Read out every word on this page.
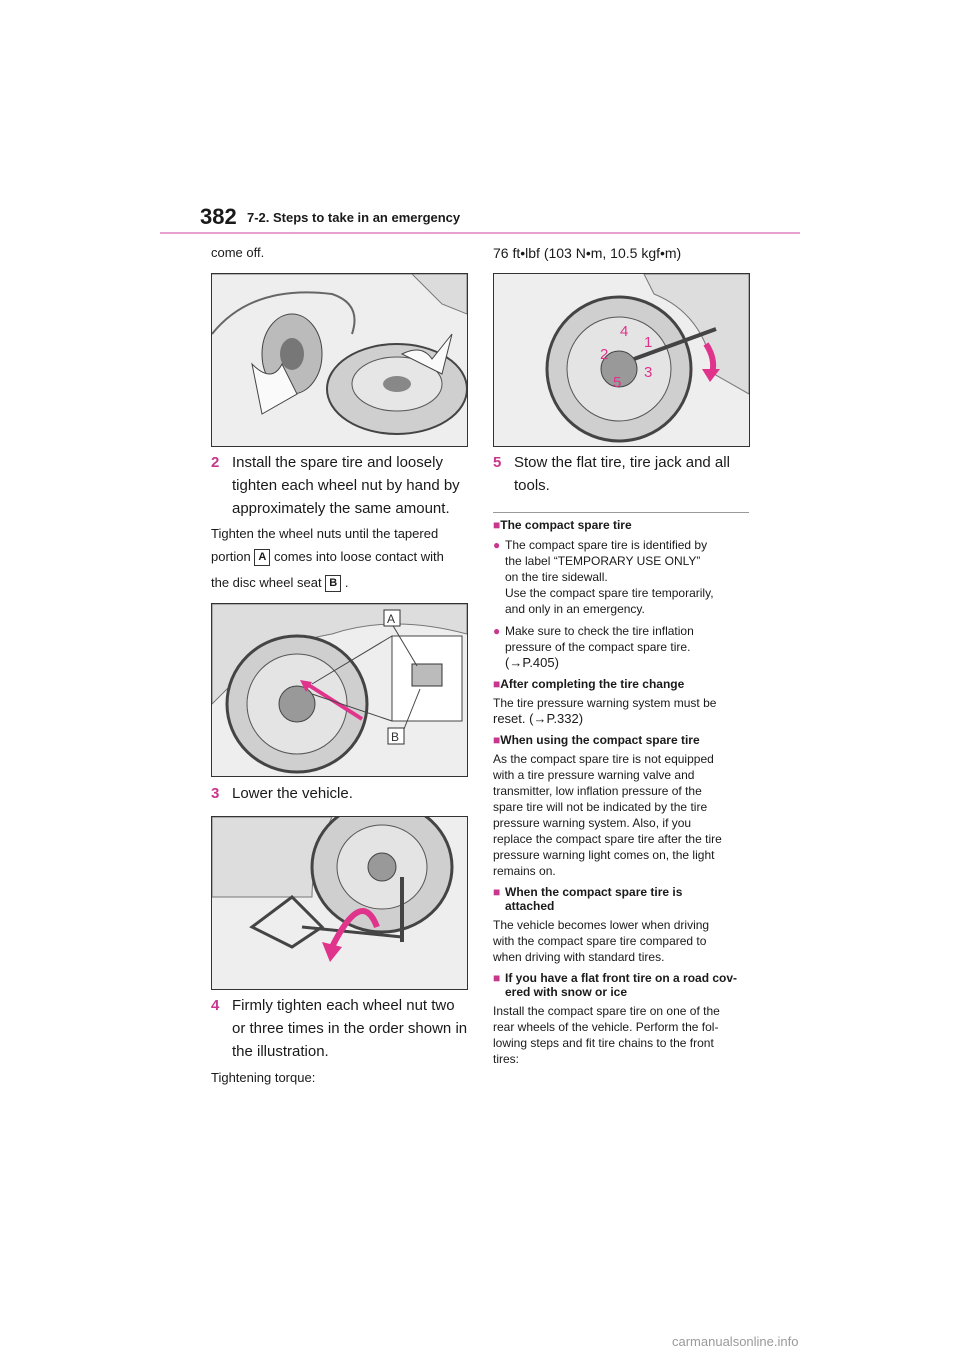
382 7-2. Steps to take in an emergency
come off.
2 Install the spare tire and loosely
tighten each wheel nut by hand by
approximately the same amount.
Tighten the wheel nuts until the tapered
portion A comes into loose contact with
the disc wheel seat B .
A
B
3 Lower the vehicle.
4 Firmly tighten each wheel nut two
or three times in the order shown in
the illustration.
Tightening torque:
76 ft•lbf (103 N•m, 10.5 kgf•m)
1
2
3
4
5
5 Stow the flat tire, tire jack and all
tools.
■The compact spare tire
● The compact spare tire is identified by
the label “TEMPORARY USE ONLY”
on the tire sidewall.
Use the compact spare tire temporarily,
and only in an emergency.
● Make sure to check the tire inflation
pressure of the compact spare tire.
(→P.405)
■After completing the tire change
The tire pressure warning system must be
reset. (→P.332)
■When using the compact spare tire
As the compact spare tire is not equipped
with a tire pressure warning valve and
transmitter, low inflation pressure of the
spare tire will not be indicated by the tire
pressure warning system. Also, if you
replace the compact spare tire after the tire
pressure warning light comes on, the light
remains on.
■ When the compact spare tire is
attached
The vehicle becomes lower when driving
with the compact spare tire compared to
when driving with standard tires.
■ If you have a flat front tire on a road cov-
ered with snow or ice
Install the compact spare tire on one of the
rear wheels of the vehicle. Perform the fol-
lowing steps and fit tire chains to the front
tires:
carmanualsonline.info
